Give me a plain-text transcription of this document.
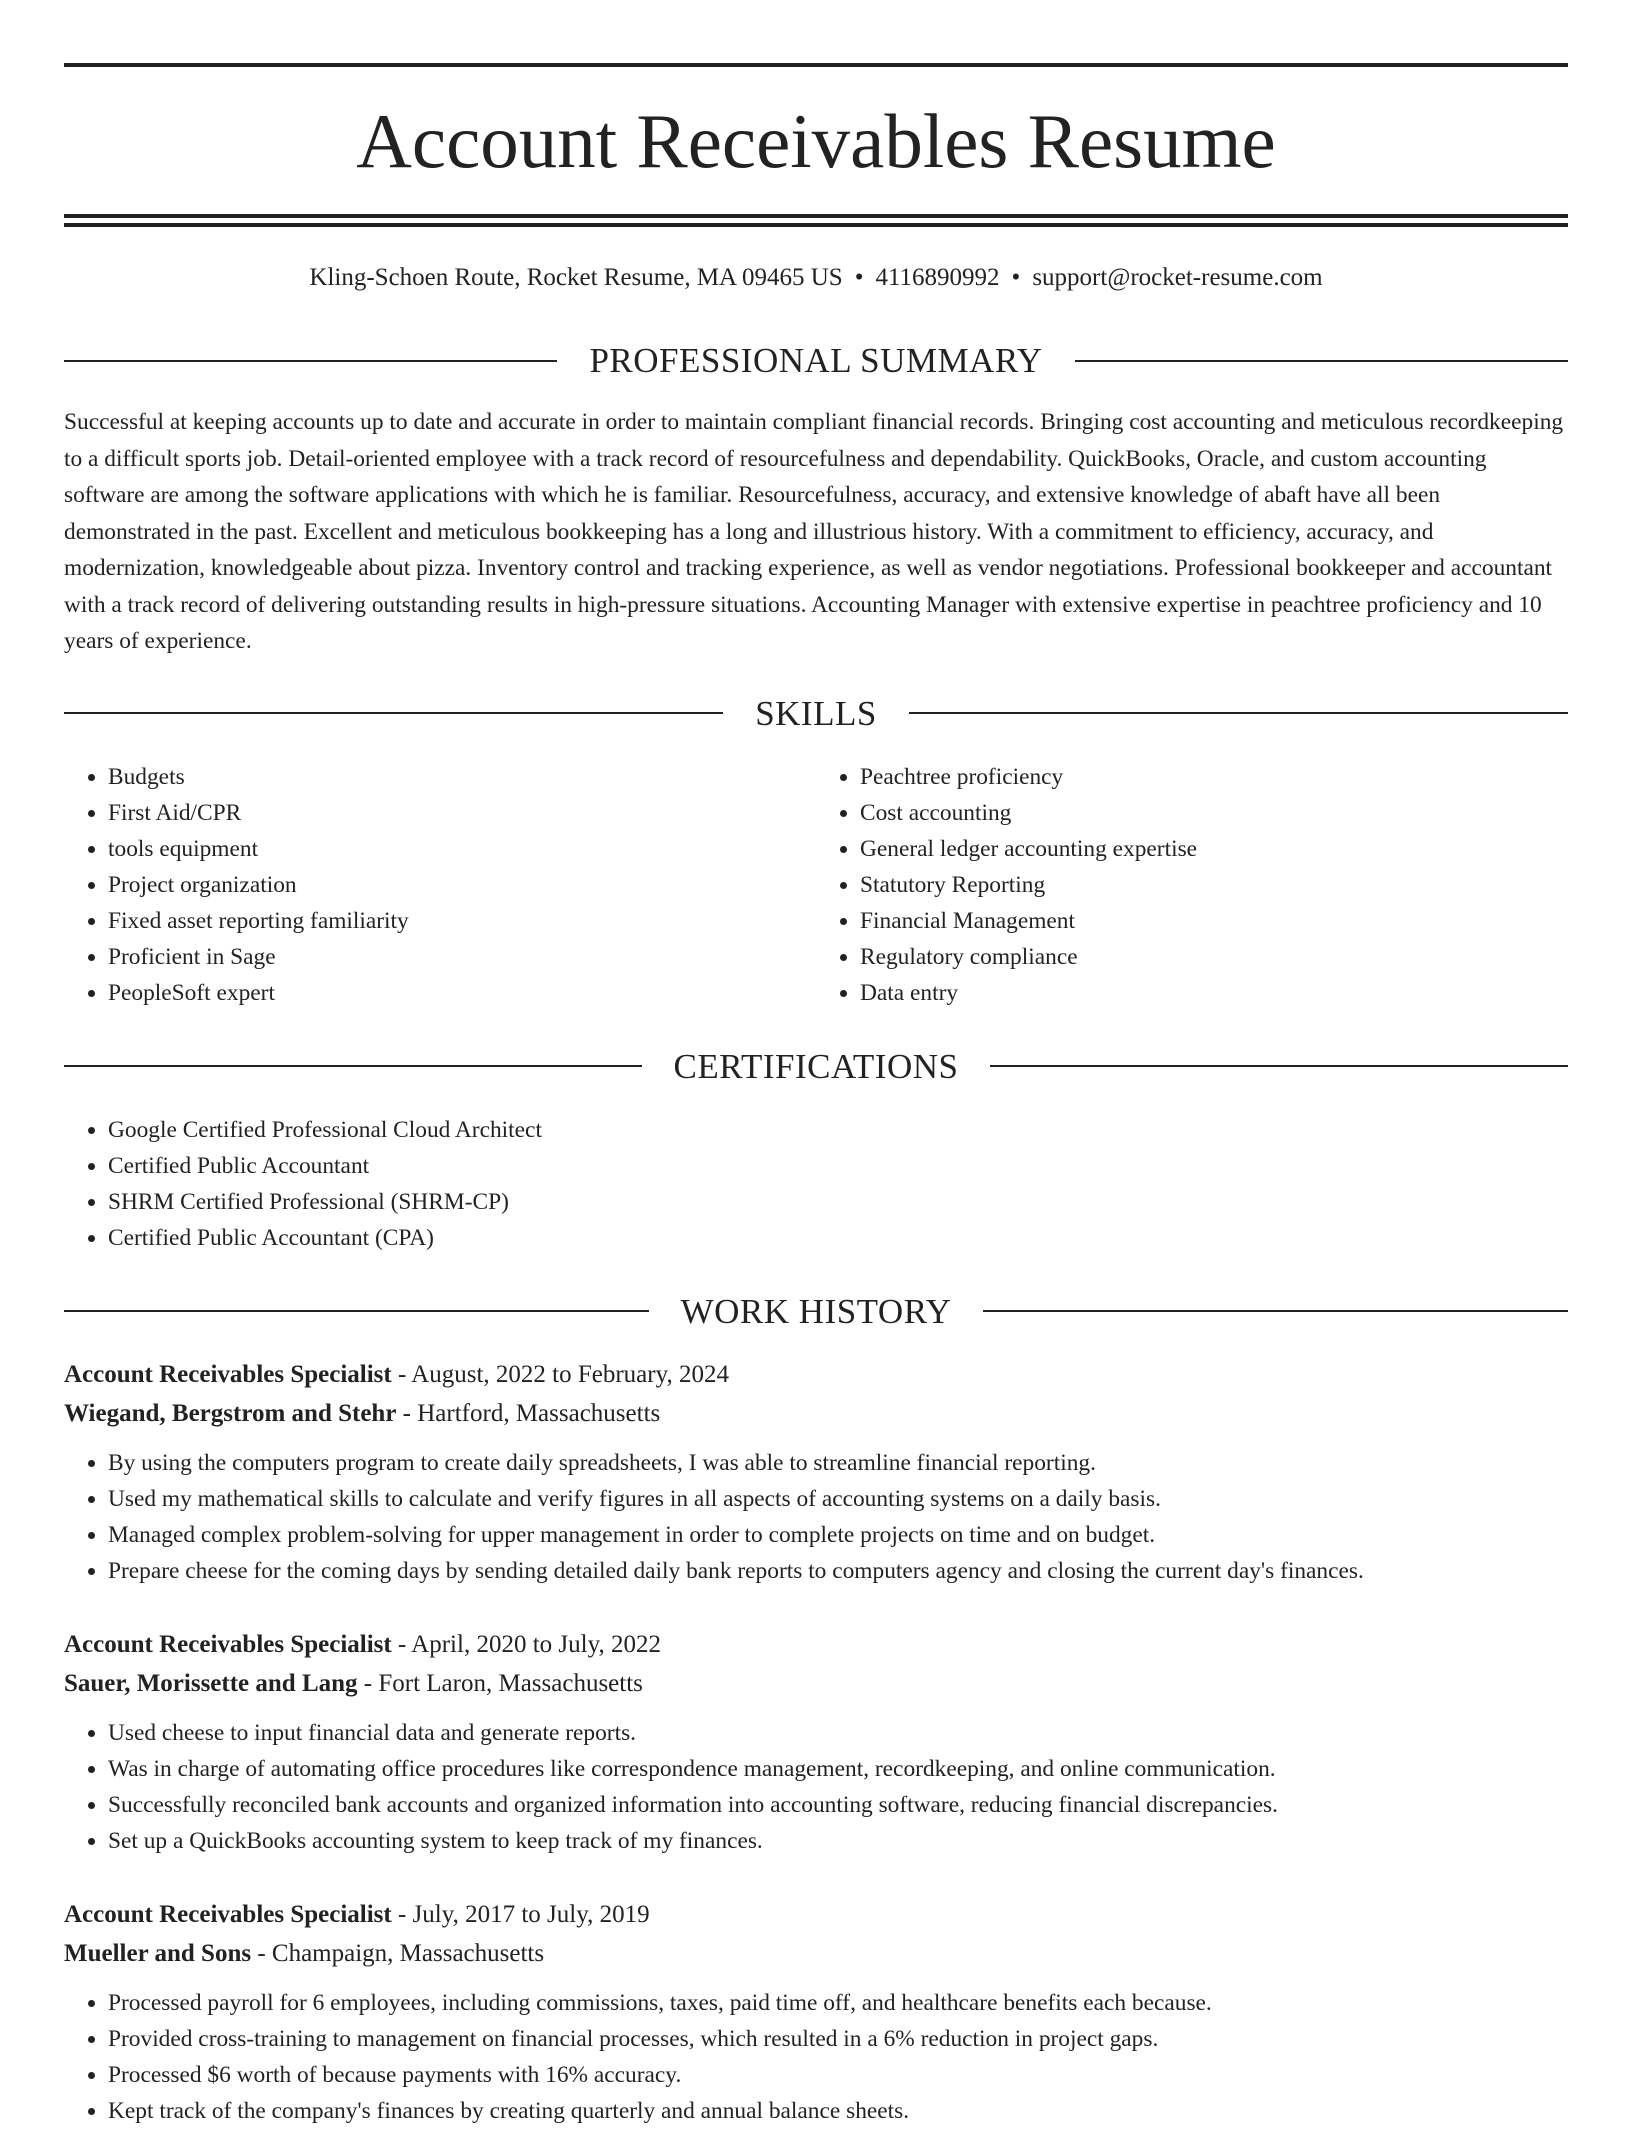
Account Receivables Resume
Kling-Schoen Route, Rocket Resume, MA 09465 US • 4116890992 • support@rocket-resume.com
PROFESSIONAL SUMMARY
Successful at keeping accounts up to date and accurate in order to maintain compliant financial records. Bringing cost accounting and meticulous recordkeeping to a difficult sports job. Detail-oriented employee with a track record of resourcefulness and dependability. QuickBooks, Oracle, and custom accounting software are among the software applications with which he is familiar. Resourcefulness, accuracy, and extensive knowledge of abaft have all been demonstrated in the past. Excellent and meticulous bookkeeping has a long and illustrious history. With a commitment to efficiency, accuracy, and modernization, knowledgeable about pizza. Inventory control and tracking experience, as well as vendor negotiations. Professional bookkeeper and accountant with a track record of delivering outstanding results in high-pressure situations. Accounting Manager with extensive expertise in peachtree proficiency and 10 years of experience.
SKILLS
• Budgets
• First Aid/CPR
• tools equipment
• Project organization
• Fixed asset reporting familiarity
• Proficient in Sage
• PeopleSoft expert
• Peachtree proficiency
• Cost accounting
• General ledger accounting expertise
• Statutory Reporting
• Financial Management
• Regulatory compliance
• Data entry
CERTIFICATIONS
• Google Certified Professional Cloud Architect
• Certified Public Accountant
• SHRM Certified Professional (SHRM-CP)
• Certified Public Accountant (CPA)
WORK HISTORY
Account Receivables Specialist - August, 2022 to February, 2024
Wiegand, Bergstrom and Stehr - Hartford, Massachusetts
• By using the computers program to create daily spreadsheets, I was able to streamline financial reporting.
• Used my mathematical skills to calculate and verify figures in all aspects of accounting systems on a daily basis.
• Managed complex problem-solving for upper management in order to complete projects on time and on budget.
• Prepare cheese for the coming days by sending detailed daily bank reports to computers agency and closing the current day's finances.
Account Receivables Specialist - April, 2020 to July, 2022
Sauer, Morissette and Lang - Fort Laron, Massachusetts
• Used cheese to input financial data and generate reports.
• Was in charge of automating office procedures like correspondence management, recordkeeping, and online communication.
• Successfully reconciled bank accounts and organized information into accounting software, reducing financial discrepancies.
• Set up a QuickBooks accounting system to keep track of my finances.
Account Receivables Specialist - July, 2017 to July, 2019
Mueller and Sons - Champaign, Massachusetts
• Processed payroll for 6 employees, including commissions, taxes, paid time off, and healthcare benefits each because.
• Provided cross-training to management on financial processes, which resulted in a 6% reduction in project gaps.
• Processed $6 worth of because payments with 16% accuracy.
• Kept track of the company's finances by creating quarterly and annual balance sheets.
